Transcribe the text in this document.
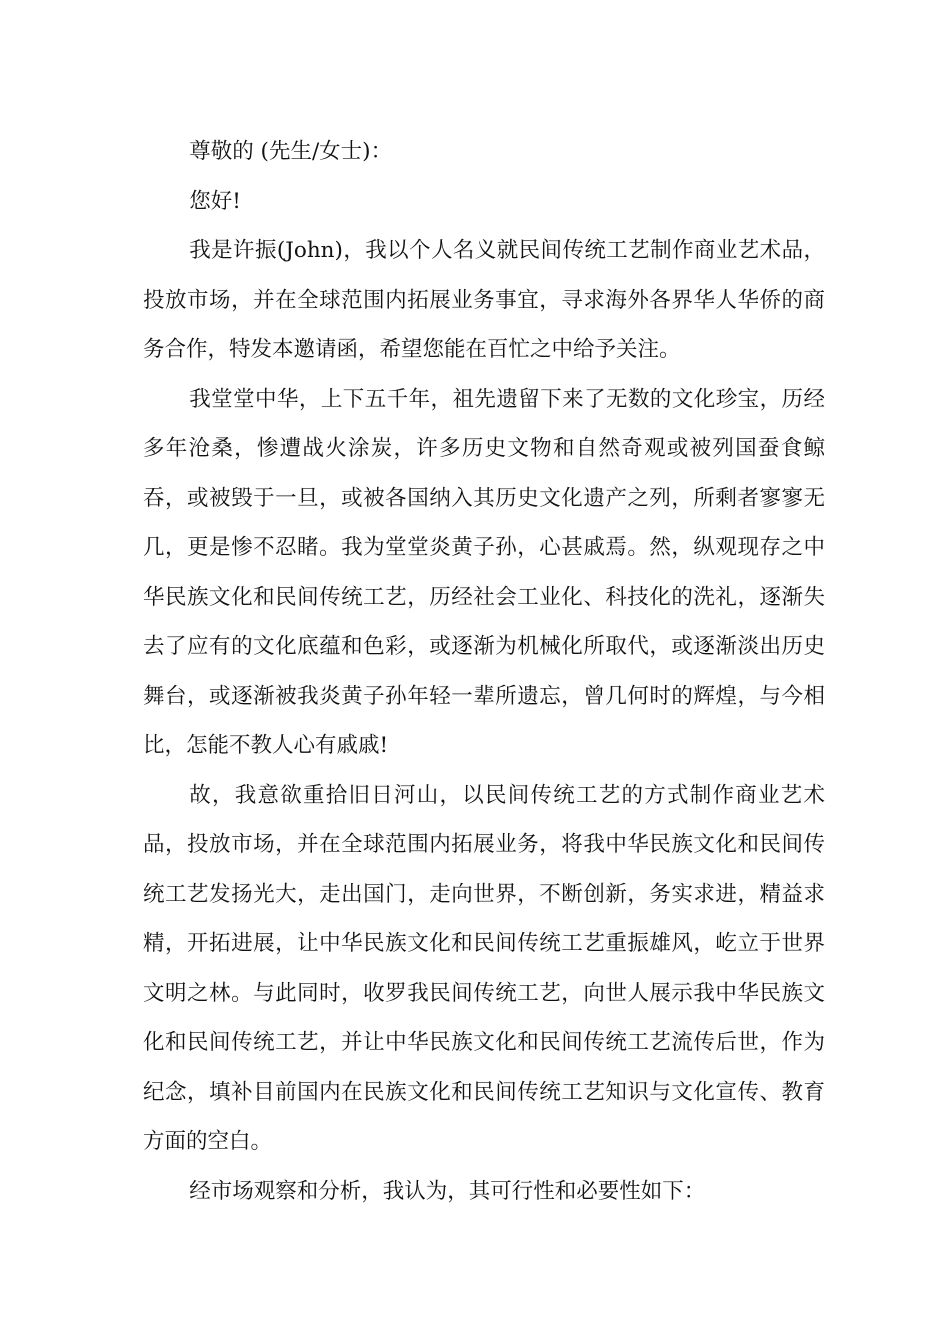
尊敬的 (先生/女士)：

您好!

我是许振(John)，我以个人名义就民间传统工艺制作商业艺术品，投放市场，并在全球范围内拓展业务事宜，寻求海外各界华人华侨的商务合作，特发本邀请函，希望您能在百忙之中给予关注。

我堂堂中华，上下五千年，祖先遗留下来了无数的文化珍宝，历经多年沧桑，惨遭战火涂炭，许多历史文物和自然奇观或被列国蚕食鲸吞，或被毁于一旦，或被各国纳入其历史文化遗产之列，所剩者寥寥无几，更是惨不忍睹。我为堂堂炎黄子孙，心甚戚焉。然，纵观现存之中华民族文化和民间传统工艺，历经社会工业化、科技化的洗礼，逐渐失去了应有的文化底蕴和色彩，或逐渐为机械化所取代，或逐渐淡出历史舞台，或逐渐被我炎黄子孙年轻一辈所遗忘，曾几何时的辉煌，与今相比，怎能不教人心有戚戚!

故，我意欲重拾旧日河山，以民间传统工艺的方式制作商业艺术品，投放市场，并在全球范围内拓展业务，将我中华民族文化和民间传统工艺发扬光大，走出国门，走向世界，不断创新，务实求进，精益求精，开拓进展，让中华民族文化和民间传统工艺重振雄风，屹立于世界文明之林。与此同时，收罗我民间传统工艺，向世人展示我中华民族文化和民间传统工艺，并让中华民族文化和民间传统工艺流传后世，作为纪念，填补目前国内在民族文化和民间传统工艺知识与文化宣传、教育方面的空白。

经市场观察和分析，我认为，其可行性和必要性如下：
